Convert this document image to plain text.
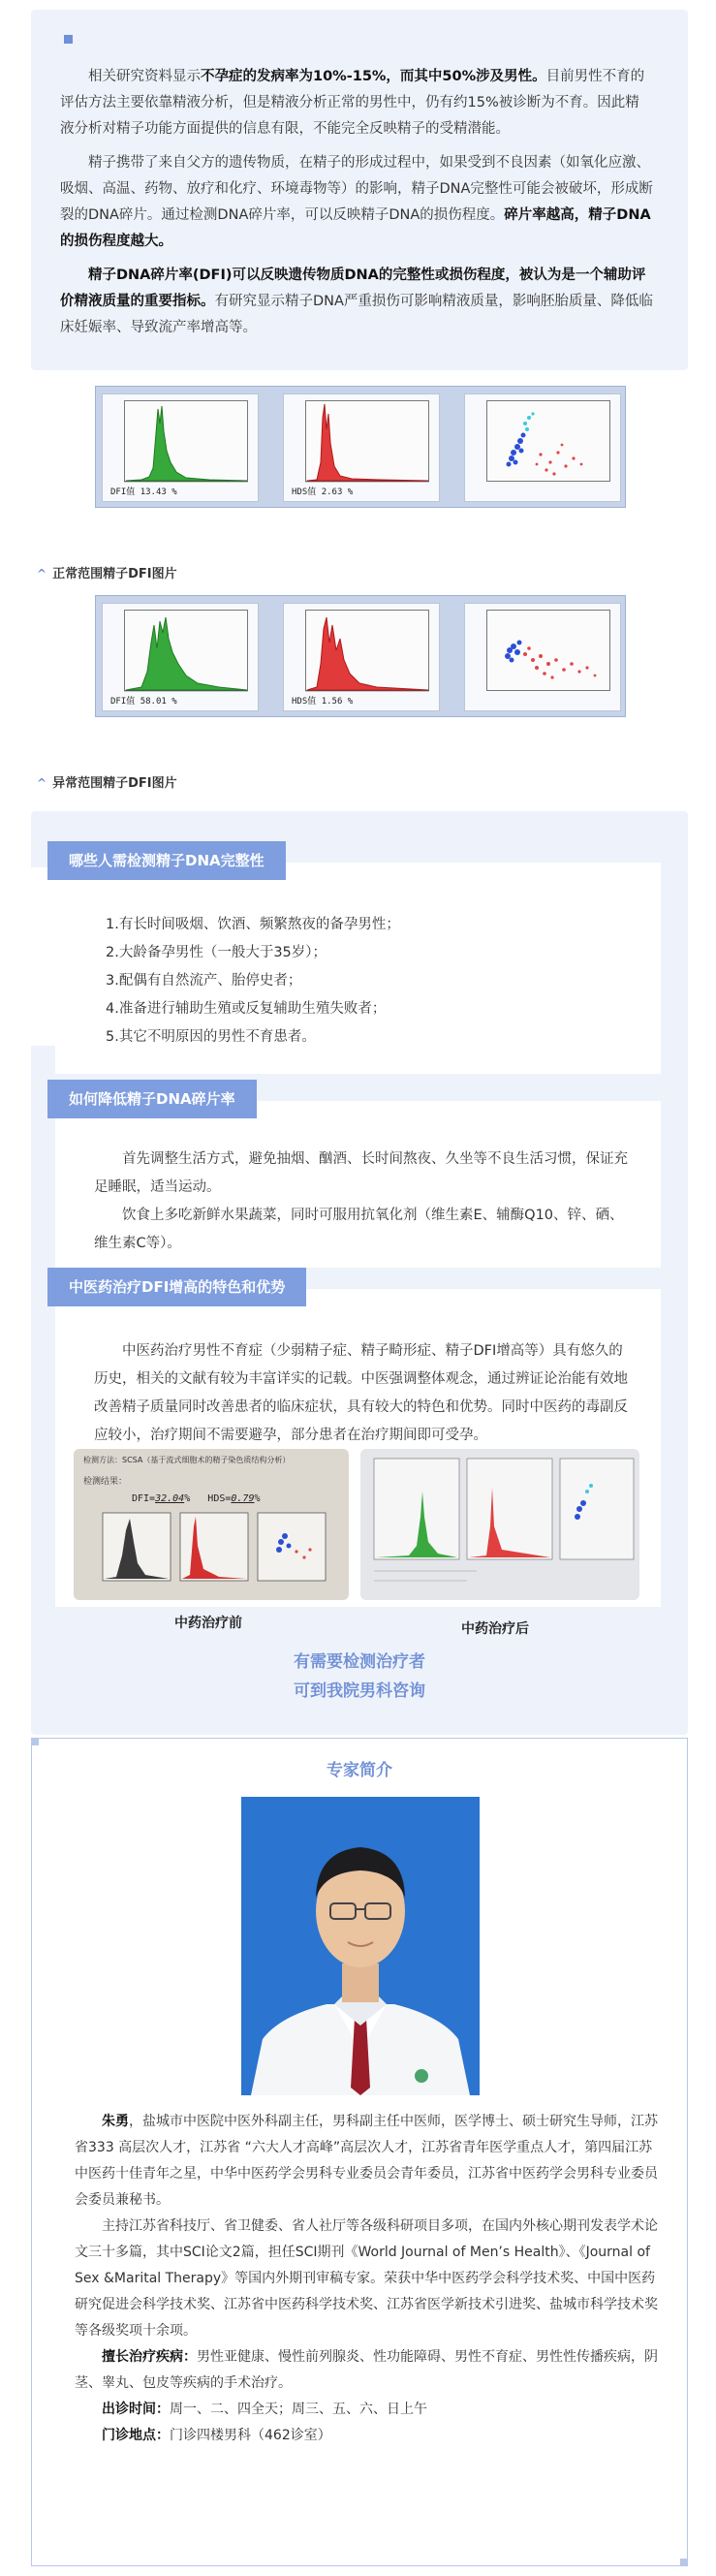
相关研究资料显示不孕症的发病率为10%-15%，而其中50%涉及男性。目前男性不育的评估方法主要依靠精液分析，但是精液分析正常的男性中，仍有约15%被诊断为不育。因此精液分析对精子功能方面提供的信息有限，不能完全反映精子的受精潜能。

精子携带了来自父方的遗传物质，在精子的形成过程中，如果受到不良因素（如氧化应激、吸烟、高温、药物、放疗和化疗、环境毒物等）的影响，精子DNA完整性可能会被破坏，形成断裂的DNA碎片。通过检测DNA碎片率，可以反映精子DNA的损伤程度。碎片率越高，精子DNA的损伤程度越大。

精子DNA碎片率(DFI)可以反映遗传物质DNA的完整性或损伤程度，被认为是一个辅助评价精液质量的重要指标。有研究显示精子DNA严重损伤可影响精液质量，影响胚胎质量、降低临床妊娠率、导致流产率增高等。

DFI值 13.43 %	HDS值 2.63 %
^ 正常范围精子DFI图片
DFI值 58.01 %	HDS值 1.56 %
^ 异常范围精子DFI图片
哪些人需检测精子DNA完整性

1.有长时间吸烟、饮酒、频繁熬夜的备孕男性；

2.大龄备孕男性（一般大于35岁）；

3.配偶有自然流产、胎停史者；

4.准备进行辅助生殖或反复辅助生殖失败者；

5.其它不明原因的男性不育患者。

如何降低精子DNA碎片率

首先调整生活方式，避免抽烟、酗酒、长时间熬夜、久坐等不良生活习惯，保证充足睡眠，适当运动。

饮食上多吃新鲜水果蔬菜，同时可服用抗氧化剂（维生素E、辅酶Q10、锌、硒、维生素C等）。

中医药治疗DFI增高的特色和优势

中医药治疗男性不育症（少弱精子症、精子畸形症、精子DFI增高等）具有悠久的历史，相关的文献有较为丰富详实的记载。中医强调整体观念，通过辨证论治能有效地改善精子质量同时改善患者的临床症状，具有较大的特色和优势。同时中医药的毒副反应较小，治疗期间不需要避孕，部分患者在治疗期间即可受孕。

检测方法：SCSA（基于流式细胞术的精子染色质结构分析）
检测结果：
DFI=32.04% HDS=0.79%
中药治疗前	中药治疗后
有需要检测治疗者
可到我院男科咨询
专家简介

朱勇，盐城市中医院中医外科副主任，男科副主任中医师，医学博士、硕士研究生导师，江苏省333 高层次人才，江苏省 “六大人才高峰”高层次人才，江苏省青年医学重点人才，第四届江苏中医药十佳青年之星，中华中医药学会男科专业委员会青年委员，江苏省中医药学会男科专业委员会委员兼秘书。

主持江苏省科技厅、省卫健委、省人社厅等各级科研项目多项，在国内外核心期刊发表学术论文三十多篇，其中SCI论文2篇，担任SCI期刊《World Journal of Men’s Health》、《Journal of Sex &Marital Therapy》等国内外期刊审稿专家。荣获中华中医药学会科学技术奖、中国中医药研究促进会科学技术奖、江苏省中医药科学技术奖、江苏省医学新技术引进奖、盐城市科学技术奖等各级奖项十余项。

擅长治疗疾病：男性亚健康、慢性前列腺炎、性功能障碍、男性不育症、男性性传播疾病，阴茎、睾丸、包皮等疾病的手术治疗。

出诊时间：周一、二、四全天；周三、五、六、日上午

门诊地点：门诊四楼男科（462诊室）
